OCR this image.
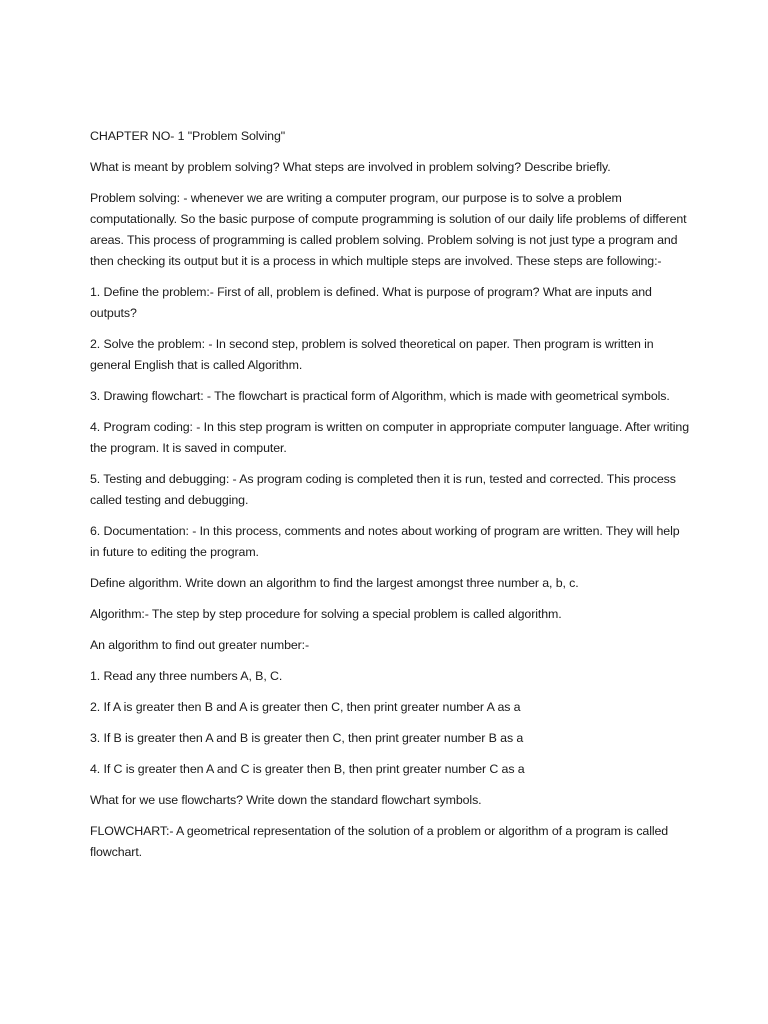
CHAPTER NO- 1 "Problem Solving"

What is meant by problem solving? What steps are involved in problem solving? Describe briefly.

Problem solving: - whenever we are writing a computer program, our purpose is to solve a problem computationally. So the basic purpose of compute programming is solution of our daily life problems of different areas. This process of programming is called problem solving. Problem solving is not just type a program and then checking its output but it is a process in which multiple steps are involved. These steps are following:-

1. Define the problem:- First of all, problem is defined. What is purpose of program? What are inputs and outputs?

2. Solve the problem: - In second step, problem is solved theoretical on paper. Then program is written in general English that is called Algorithm.

3. Drawing flowchart: - The flowchart is practical form of Algorithm, which is made with geometrical symbols.

4. Program coding: - In this step program is written on computer in appropriate computer language. After writing the program. It is saved in computer.

5. Testing and debugging: - As program coding is completed then it is run, tested and corrected. This process called testing and debugging.

6. Documentation: - In this process, comments and notes about working of program are written. They will help in future to editing the program.

Define algorithm. Write down an algorithm to find the largest amongst three number a, b, c.

Algorithm:- The step by step procedure for solving a special problem is called algorithm.

An algorithm to find out greater number:-

1. Read any three numbers A, B, C.

2. If A is greater then B and A is greater then C, then print greater number A as a

3. If B is greater then A and B is greater then C, then print greater number B as a

4. If C is greater then A and C is greater then B, then print greater number C as a

What for we use flowcharts? Write down the standard flowchart symbols.

FLOWCHART:- A geometrical representation of the solution of a problem or algorithm of a program is called flowchart.
